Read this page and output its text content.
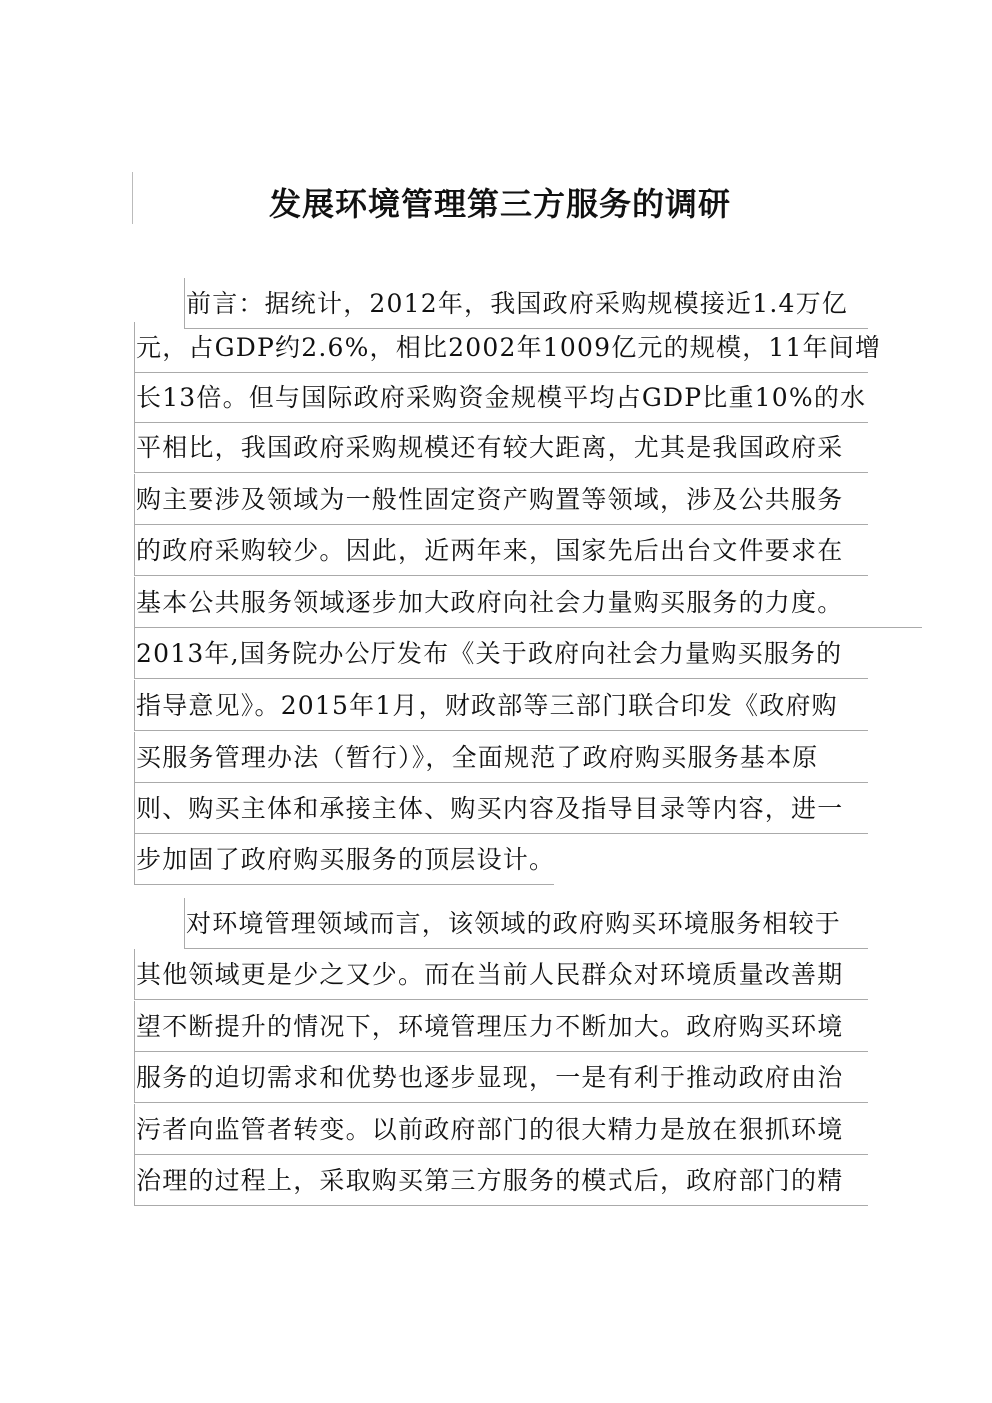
发展环境管理第三方服务的调研
前言：据统计，2012年，我国政府采购规模接近1.4万亿
元，占GDP约2.6%，相比2002年1009亿元的规模，11年间增
长13倍。但与国际政府采购资金规模平均占GDP比重10%的水
平相比，我国政府采购规模还有较大距离，尤其是我国政府采
购主要涉及领域为一般性固定资产购置等领域，涉及公共服务
的政府采购较少。因此，近两年来，国家先后出台文件要求在
基本公共服务领域逐步加大政府向社会力量购买服务的力度。
2013年,国务院办公厅发布《关于政府向社会力量购买服务的
指导意见》。2015年1月，财政部等三部门联合印发《政府购
买服务管理办法（暂行）》，全面规范了政府购买服务基本原
则、购买主体和承接主体、购买内容及指导目录等内容，进一
步加固了政府购买服务的顶层设计。
对环境管理领域而言，该领域的政府购买环境服务相较于
其他领域更是少之又少。而在当前人民群众对环境质量改善期
望不断提升的情况下，环境管理压力不断加大。政府购买环境
服务的迫切需求和优势也逐步显现，一是有利于推动政府由治
污者向监管者转变。以前政府部门的很大精力是放在狠抓环境
治理的过程上，采取购买第三方服务的模式后，政府部门的精
